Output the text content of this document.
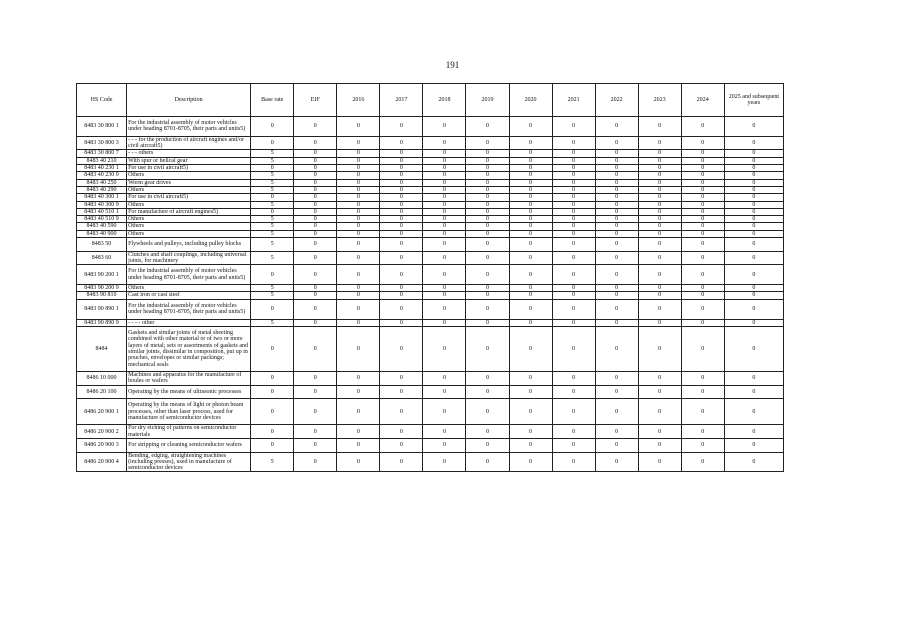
191
HS Code	Description	Base rate	EIF	2016	2017	2018	2019	2020	2021	2022	2023	2024	2025 and subsequent years
8483 30 800 1	For the industrial assembly of motor vehicles under heading 8701-8705, their parts and units5)	0	0	0	0	0	0	0	0	0	0	0	0
8483 30 800 3	- - - for the production of aircraft engines and/or civil aircraft5)	0	0	0	0	0	0	0	0	0	0	0	0
8483 30 800 7	- - - others	5	0	0	0	0	0	0	0	0	0	0	0
8483 40 210	With spur or helical gear	5	0	0	0	0	0	0	0	0	0	0	0
8483 40 230 1	For use in civil aircraft5)	0	0	0	0	0	0	0	0	0	0	0	0
8483 40 230 9	Others	5	0	0	0	0	0	0	0	0	0	0	0
8483 40 250	Worm gear drives	5	0	0	0	0	0	0	0	0	0	0	0
8483 40 290	Others	5	0	0	0	0	0	0	0	0	0	0	0
8483 40 300 1	For use in civil aircraft5)	0	0	0	0	0	0	0	0	0	0	0	0
8483 40 300 9	Others	5	0	0	0	0	0	0	0	0	0	0	0
8483 40 510 1	For manufacture of aircraft engines5)	0	0	0	0	0	0	0	0	0	0	0	0
8483 40 510 9	Others	5	0	0	0	0	0	0	0	0	0	0	0
8483 40 590	Others	5	0	0	0	0	0	0	0	0	0	0	0
8483 40 900	Others	5	0	0	0	0	0	0	0	0	0	0	0
8483 50	Flywheels and pulleys, including pulley blocks	5	0	0	0	0	0	0	0	0	0	0	0
8483 60	Clutches and shaft couplings, including universal joints, for machinery	5	0	0	0	0	0	0	0	0	0	0	0
8483 90 200 1	For the industrial assembly of motor vehicles under heading 8701-8705, their parts and units5)	0	0	0	0	0	0	0	0	0	0	0	0
8483 90 200 9	Others	5	0	0	0	0	0	0	0	0	0	0	0
8483 90 810	Cast iron or cast steel	5	0	0	0	0	0	0	0	0	0	0	0
8483 90 890 1	For the industrial assembly of motor vehicles under heading 8701-8705, their parts and units5)	0	0	0	0	0	0	0	0	0	0	0	0
8483 90 890 9	- - - - other	5	0	0	0	0	0	0	0	0	0	0	0
8484	Gaskets and similar joints of metal sheeting combined with other material or of two or more layers of metal; sets or assortments of gaskets and similar joints, dissimilar in composition, put up in pouches, envelopes or similar packings; mechanical seals	0	0	0	0	0	0	0	0	0	0	0	0
8486 10 000	Machines and apparatus for the manufacture of boules or wafers	0	0	0	0	0	0	0	0	0	0	0	0
8486 20 100	Operating by the means of ultrasonic processes	0	0	0	0	0	0	0	0	0	0	0	0
8486 20 900 1	Operating by the means of light or photon beam processes, other than laser process, used for manufacture of semiconductor devices	0	0	0	0	0	0	0	0	0	0	0	0
8486 20 900 2	For dry etching of patterns on semiconductor materials	0	0	0	0	0	0	0	0	0	0	0	0
8486 20 900 3	For stripping or cleaning semiconductor wafers	0	0	0	0	0	0	0	0	0	0	0	0
8486 20 900 4	Bending, edging, straightening machines (including presses), used in manufacture of semiconductor devices	5	0	0	0	0	0	0	0	0	0	0	0
